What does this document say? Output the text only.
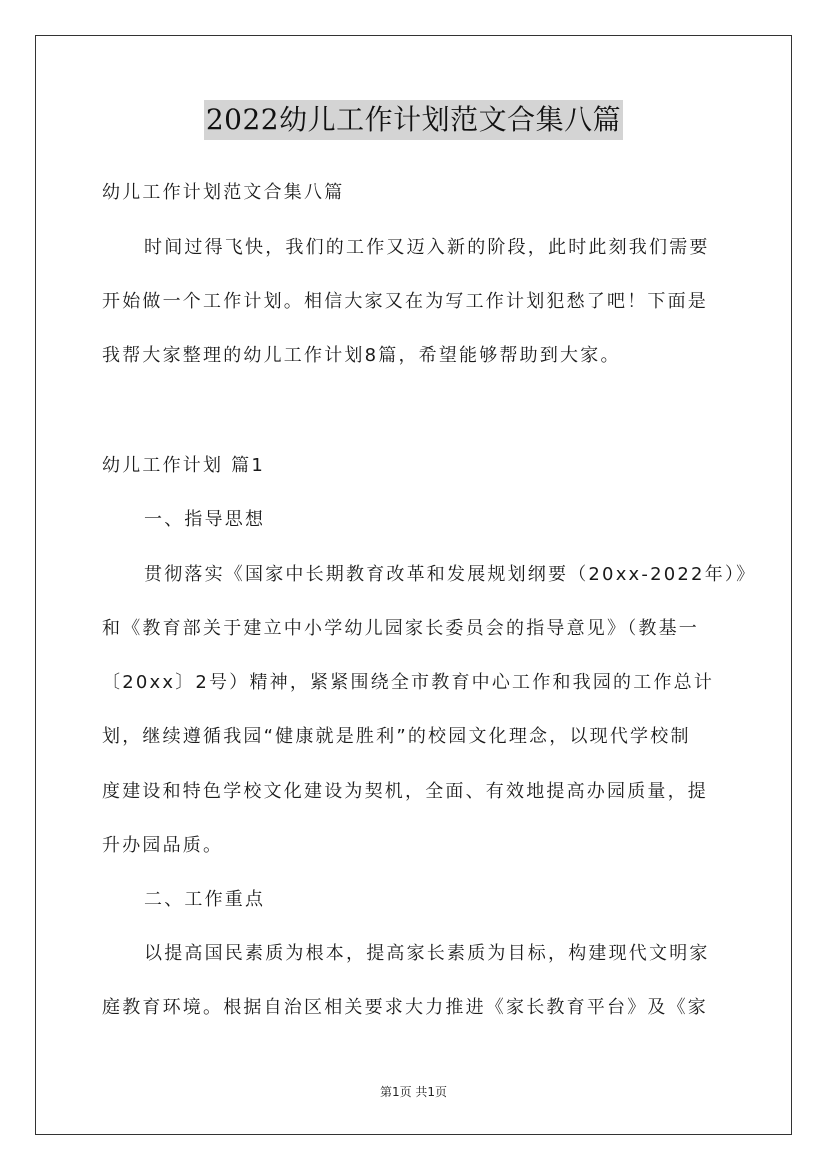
2022幼儿工作计划范文合集八篇
幼儿工作计划范文合集八篇
时间过得飞快，我们的工作又迈入新的阶段，此时此刻我们需要
开始做一个工作计划。相信大家又在为写工作计划犯愁了吧！下面是
我帮大家整理的幼儿工作计划8篇，希望能够帮助到大家。
幼儿工作计划 篇1
一、指导思想
贯彻落实《国家中长期教育改革和发展规划纲要（20xx-2022年）》
和《教育部关于建立中小学幼儿园家长委员会的指导意见》（教基一
〔20xx〕2号）精神，紧紧围绕全市教育中心工作和我园的工作总计
划，继续遵循我园“健康就是胜利”的校园文化理念，以现代学校制
度建设和特色学校文化建设为契机，全面、有效地提高办园质量，提
升办园品质。
二、工作重点
以提高国民素质为根本，提高家长素质为目标，构建现代文明家
庭教育环境。根据自治区相关要求大力推进《家长教育平台》及《家
第1页 共1页
